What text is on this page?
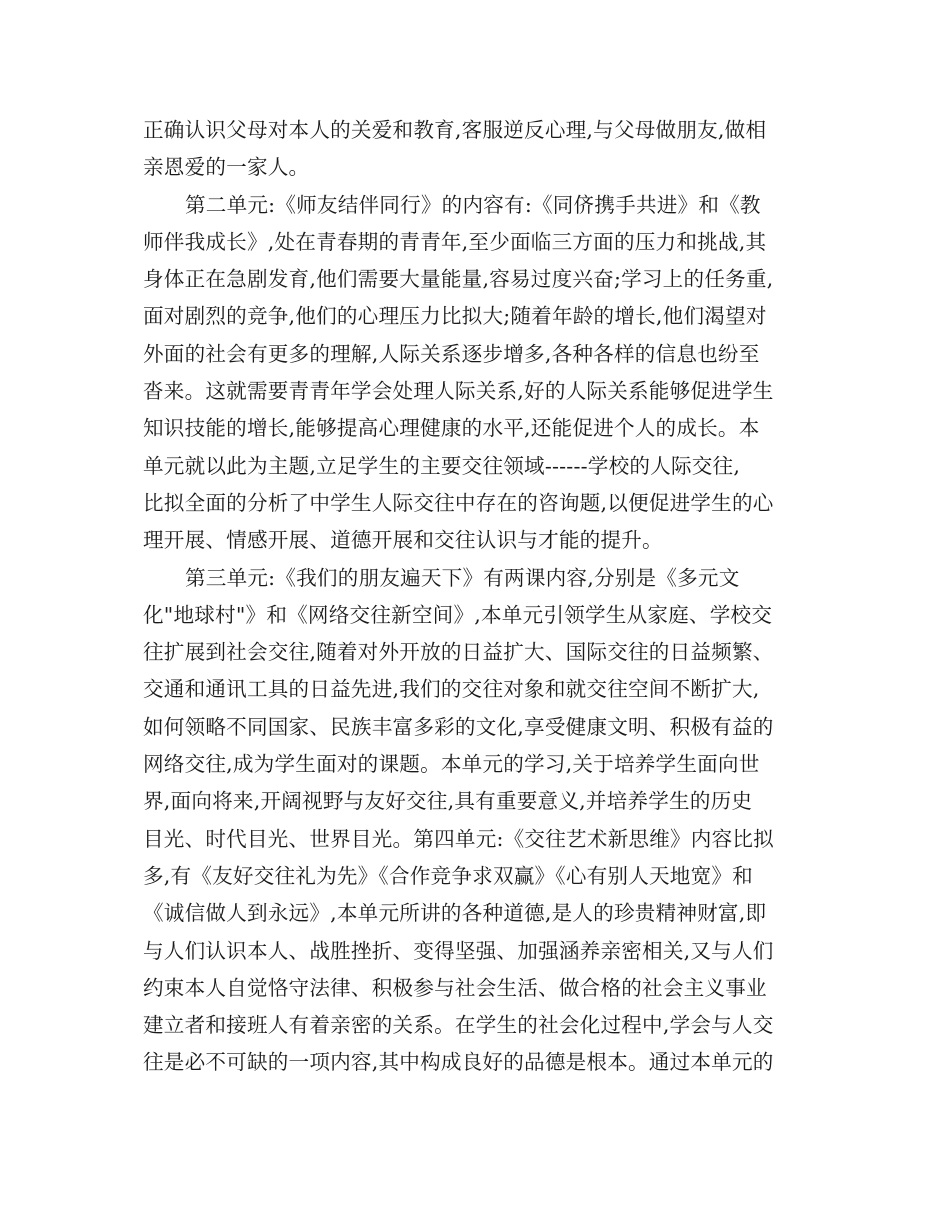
正确认识父母对本人的关爱和教育,客服逆反心理,与父母做朋友,做相
亲恩爱的一家人。
第二单元:《师友结伴同行》的内容有:《同侪携手共进》和《教
师伴我成长》,处在青春期的青青年,至少面临三方面的压力和挑战,其
身体正在急剧发育,他们需要大量能量,容易过度兴奋;学习上的任务重,
面对剧烈的竞争,他们的心理压力比拟大;随着年龄的增长,他们渴望对
外面的社会有更多的理解,人际关系逐步增多,各种各样的信息也纷至
沓来。这就需要青青年学会处理人际关系,好的人际关系能够促进学生
知识技能的增长,能够提高心理健康的水平,还能促进个人的成长。本
单元就以此为主题,立足学生的主要交往领域------学校的人际交往,
比拟全面的分析了中学生人际交往中存在的咨询题,以便促进学生的心
理开展、情感开展、道德开展和交往认识与才能的提升。
第三单元:《我们的朋友遍天下》有两课内容,分别是《多元文
化"地球村"》和《网络交往新空间》,本单元引领学生从家庭、学校交
往扩展到社会交往,随着对外开放的日益扩大、国际交往的日益频繁、
交通和通讯工具的日益先进,我们的交往对象和就交往空间不断扩大,
如何领略不同国家、民族丰富多彩的文化,享受健康文明、积极有益的
网络交往,成为学生面对的课题。本单元的学习,关于培养学生面向世
界,面向将来,开阔视野与友好交往,具有重要意义,并培养学生的历史
目光、时代目光、世界目光。第四单元:《交往艺术新思维》内容比拟
多,有《友好交往礼为先》《合作竞争求双赢》《心有别人天地宽》和
《诚信做人到永远》,本单元所讲的各种道德,是人的珍贵精神财富,即
与人们认识本人、战胜挫折、变得坚强、加强涵养亲密相关,又与人们
约束本人自觉恪守法律、积极参与社会生活、做合格的社会主义事业
建立者和接班人有着亲密的关系。在学生的社会化过程中,学会与人交
往是必不可缺的一项内容,其中构成良好的品德是根本。通过本单元的
